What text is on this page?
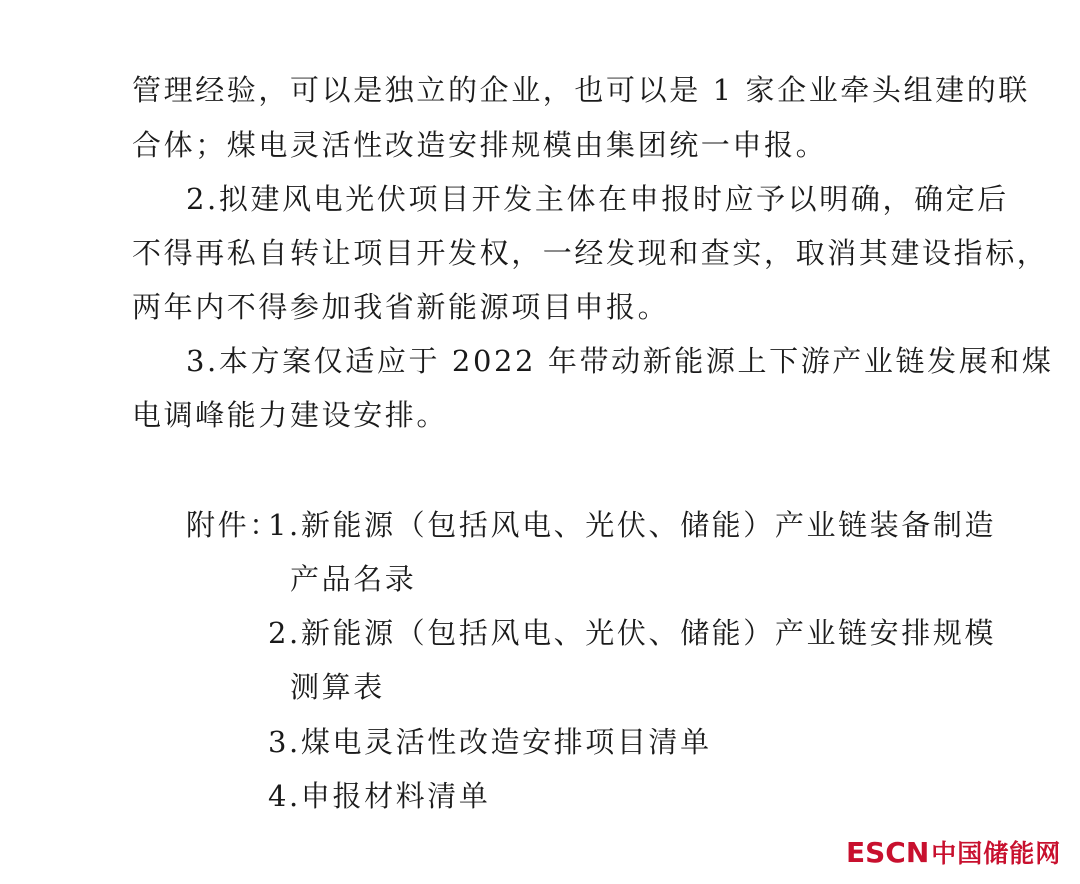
管理经验，可以是独立的企业，也可以是 1 家企业牵头组建的联
合体；煤电灵活性改造安排规模由集团统一申报。
2.拟建风电光伏项目开发主体在申报时应予以明确，确定后
不得再私自转让项目开发权，一经发现和查实，取消其建设指标，
两年内不得参加我省新能源项目申报。
3.本方案仅适应于 2022 年带动新能源上下游产业链发展和煤
电调峰能力建设安排。
附件：
1.新能源（包括风电、光伏、储能）产业链装备制造
产品名录
2.新能源（包括风电、光伏、储能）产业链安排规模
测算表
3.煤电灵活性改造安排项目清单
4.申报材料清单
ESCN中国储能网
